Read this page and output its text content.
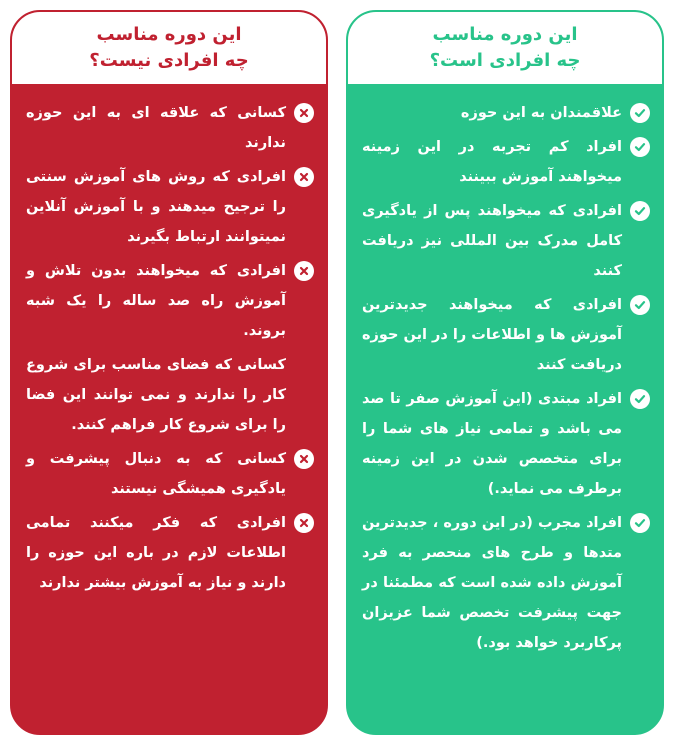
این دوره مناسب
چه افرادی است؟
علاقمندان به این حوزه
افراد کم تجربه در این زمینه میخواهند آموزش ببینند
افرادی که میخواهند پس از یادگیری کامل مدرک بین المللی نیز دریافت کنند
افرادی که میخواهند جدیدترین آموزش ها و اطلاعات را در این حوزه دریافت کنند
افراد مبتدی (این آموزش صفر تا صد می باشد و تمامی نیاز های شما را برای متخصص شدن در این زمینه برطرف می نماید.)
افراد مجرب (در این دوره ، جدیدترین متدها و طرح های منحصر به فرد آموزش داده شده است که مطمئنا در جهت پیشرفت تخصص شما عزیزان پرکاربرد خواهد بود.)
این دوره مناسب
چه افرادی نیست؟
کسانی که علاقه ای به این حوزه ندارند
افرادی که روش های آموزش سنتی را ترجیح میدهند و با آموزش آنلاین نمیتوانند ارتباط بگیرند
افرادی که میخواهند بدون تلاش و آموزش راه صد ساله را یک شبه بروند.
کسانی که فضای مناسب برای شروع کار را ندارند و نمی توانند این فضا را برای شروع کار فراهم کنند.
کسانی که به دنبال پیشرفت و یادگیری همیشگی نیستند
افرادی که فکر میکنند تمامی اطلاعات لازم در باره این حوزه را دارند و نیاز به آموزش بیشتر ندارند
